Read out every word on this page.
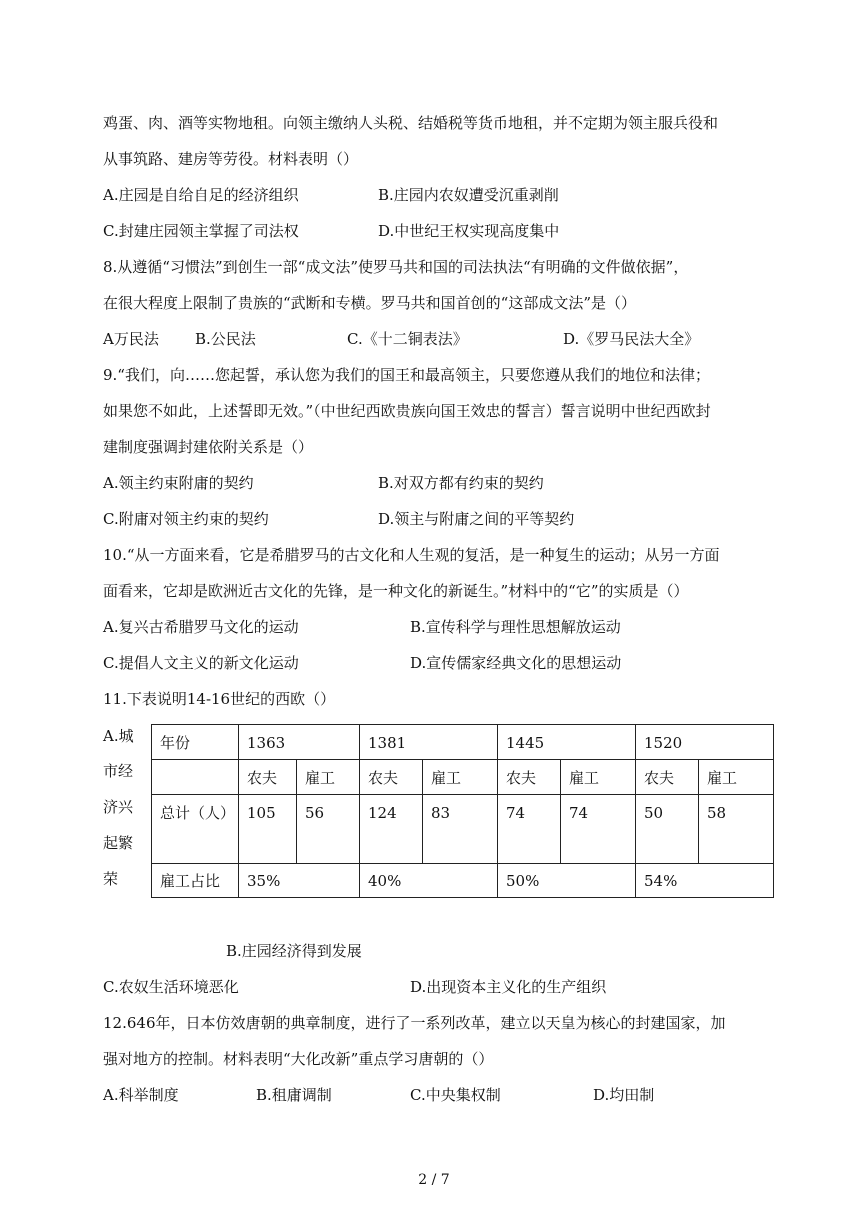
鸡蛋、肉、酒等实物地租。向领主缴纳人头税、结婚税等货币地租，并不定期为领主服兵役和
从事筑路、建房等劳役。材料表明（）
A.庄园是自给自足的经济组织	B.庄园内农奴遭受沉重剥削
C.封建庄园领主掌握了司法权	D.中世纪王权实现高度集中
8.从遵循“习惯法”到创生一部“成文法”使罗马共和国的司法执法“有明确的文件做依据”，
在很大程度上限制了贵族的“武断和专横。罗马共和国首创的“这部成文法”是（）
A万民法 B.公民法	C.《十二铜表法》	D.《罗马民法大全》
9.“我们，向……您起誓，承认您为我们的国王和最高领主，只要您遵从我们的地位和法律；
如果您不如此，上述誓即无效。”（中世纪西欧贵族向国王效忠的誓言）誓言说明中世纪西欧封
建制度强调封建依附关系是（）
A.领主约束附庸的契约	B.对双方都有约束的契约
C.附庸对领主约束的契约	D.领主与附庸之间的平等契约
10.“从一方面来看，它是希腊罗马的古文化和人生观的复活，是一种复生的运动；从另一方面
面看来，它却是欧洲近古文化的先锋，是一种文化的新诞生。”材料中的“它”的实质是（）
A.复兴古希腊罗马文化的运动	B.宣传科学与理性思想解放运动
C.提倡人文主义的新文化运动	D.宣传儒家经典文化的思想运动
11.下表说明14-16世纪的西欧（）
A.城
市经
济兴
起繁
荣
年份	1363		1381		1445		1520	
	农夫	雇工	农夫	雇工	农夫	雇工	农夫	雇工
总计（人）	105	56	124	83	74	74	50	58
雇工占比	35%		40%		50%		54%	
B.庄园经济得到发展
C.农奴生活环境恶化	D.出现资本主义化的生产组织
12.646年，日本仿效唐朝的典章制度，进行了一系列改革，建立以天皇为核心的封建国家，加
强对地方的控制。材料表明“大化改新”重点学习唐朝的（）
A.科举制度	B.租庸调制	C.中央集权制	D.均田制
2 / 7
